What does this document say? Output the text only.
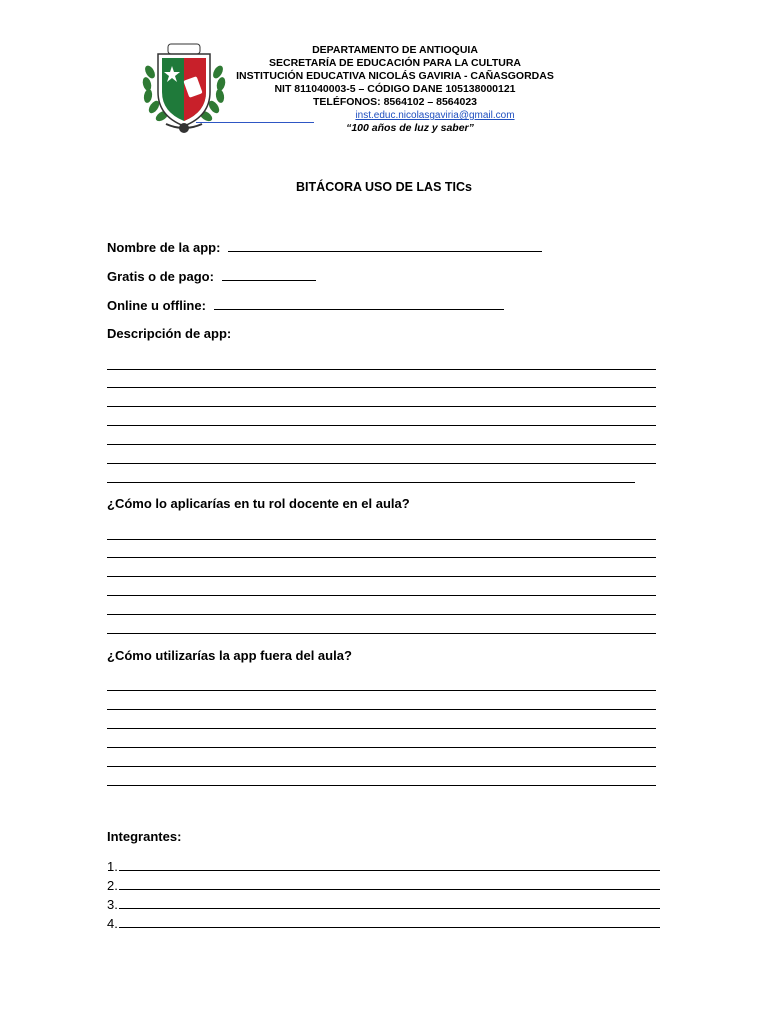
DEPARTAMENTO DE ANTIOQUIA
SECRETARÍA DE EDUCACIÓN PARA LA CULTURA
INSTITUCIÓN EDUCATIVA NICOLÁS GAVIRIA - CAÑASGORDAS
NIT 811040003-5 – CÓDIGO DANE 105138000121
TELÉFONOS: 8564102 – 8564023
inst.educ.nicolasgaviria@gmail.com
“100 años de luz y saber”
BITÁCORA USO DE LAS TICs
Nombre de la app:
Gratis o de pago:
Online u offline:
Descripción de app:
¿Cómo lo aplicarías en tu rol docente en el aula?
¿Cómo utilizarías la app fuera del aula?
Integrantes:
1.
2.
3.
4.
